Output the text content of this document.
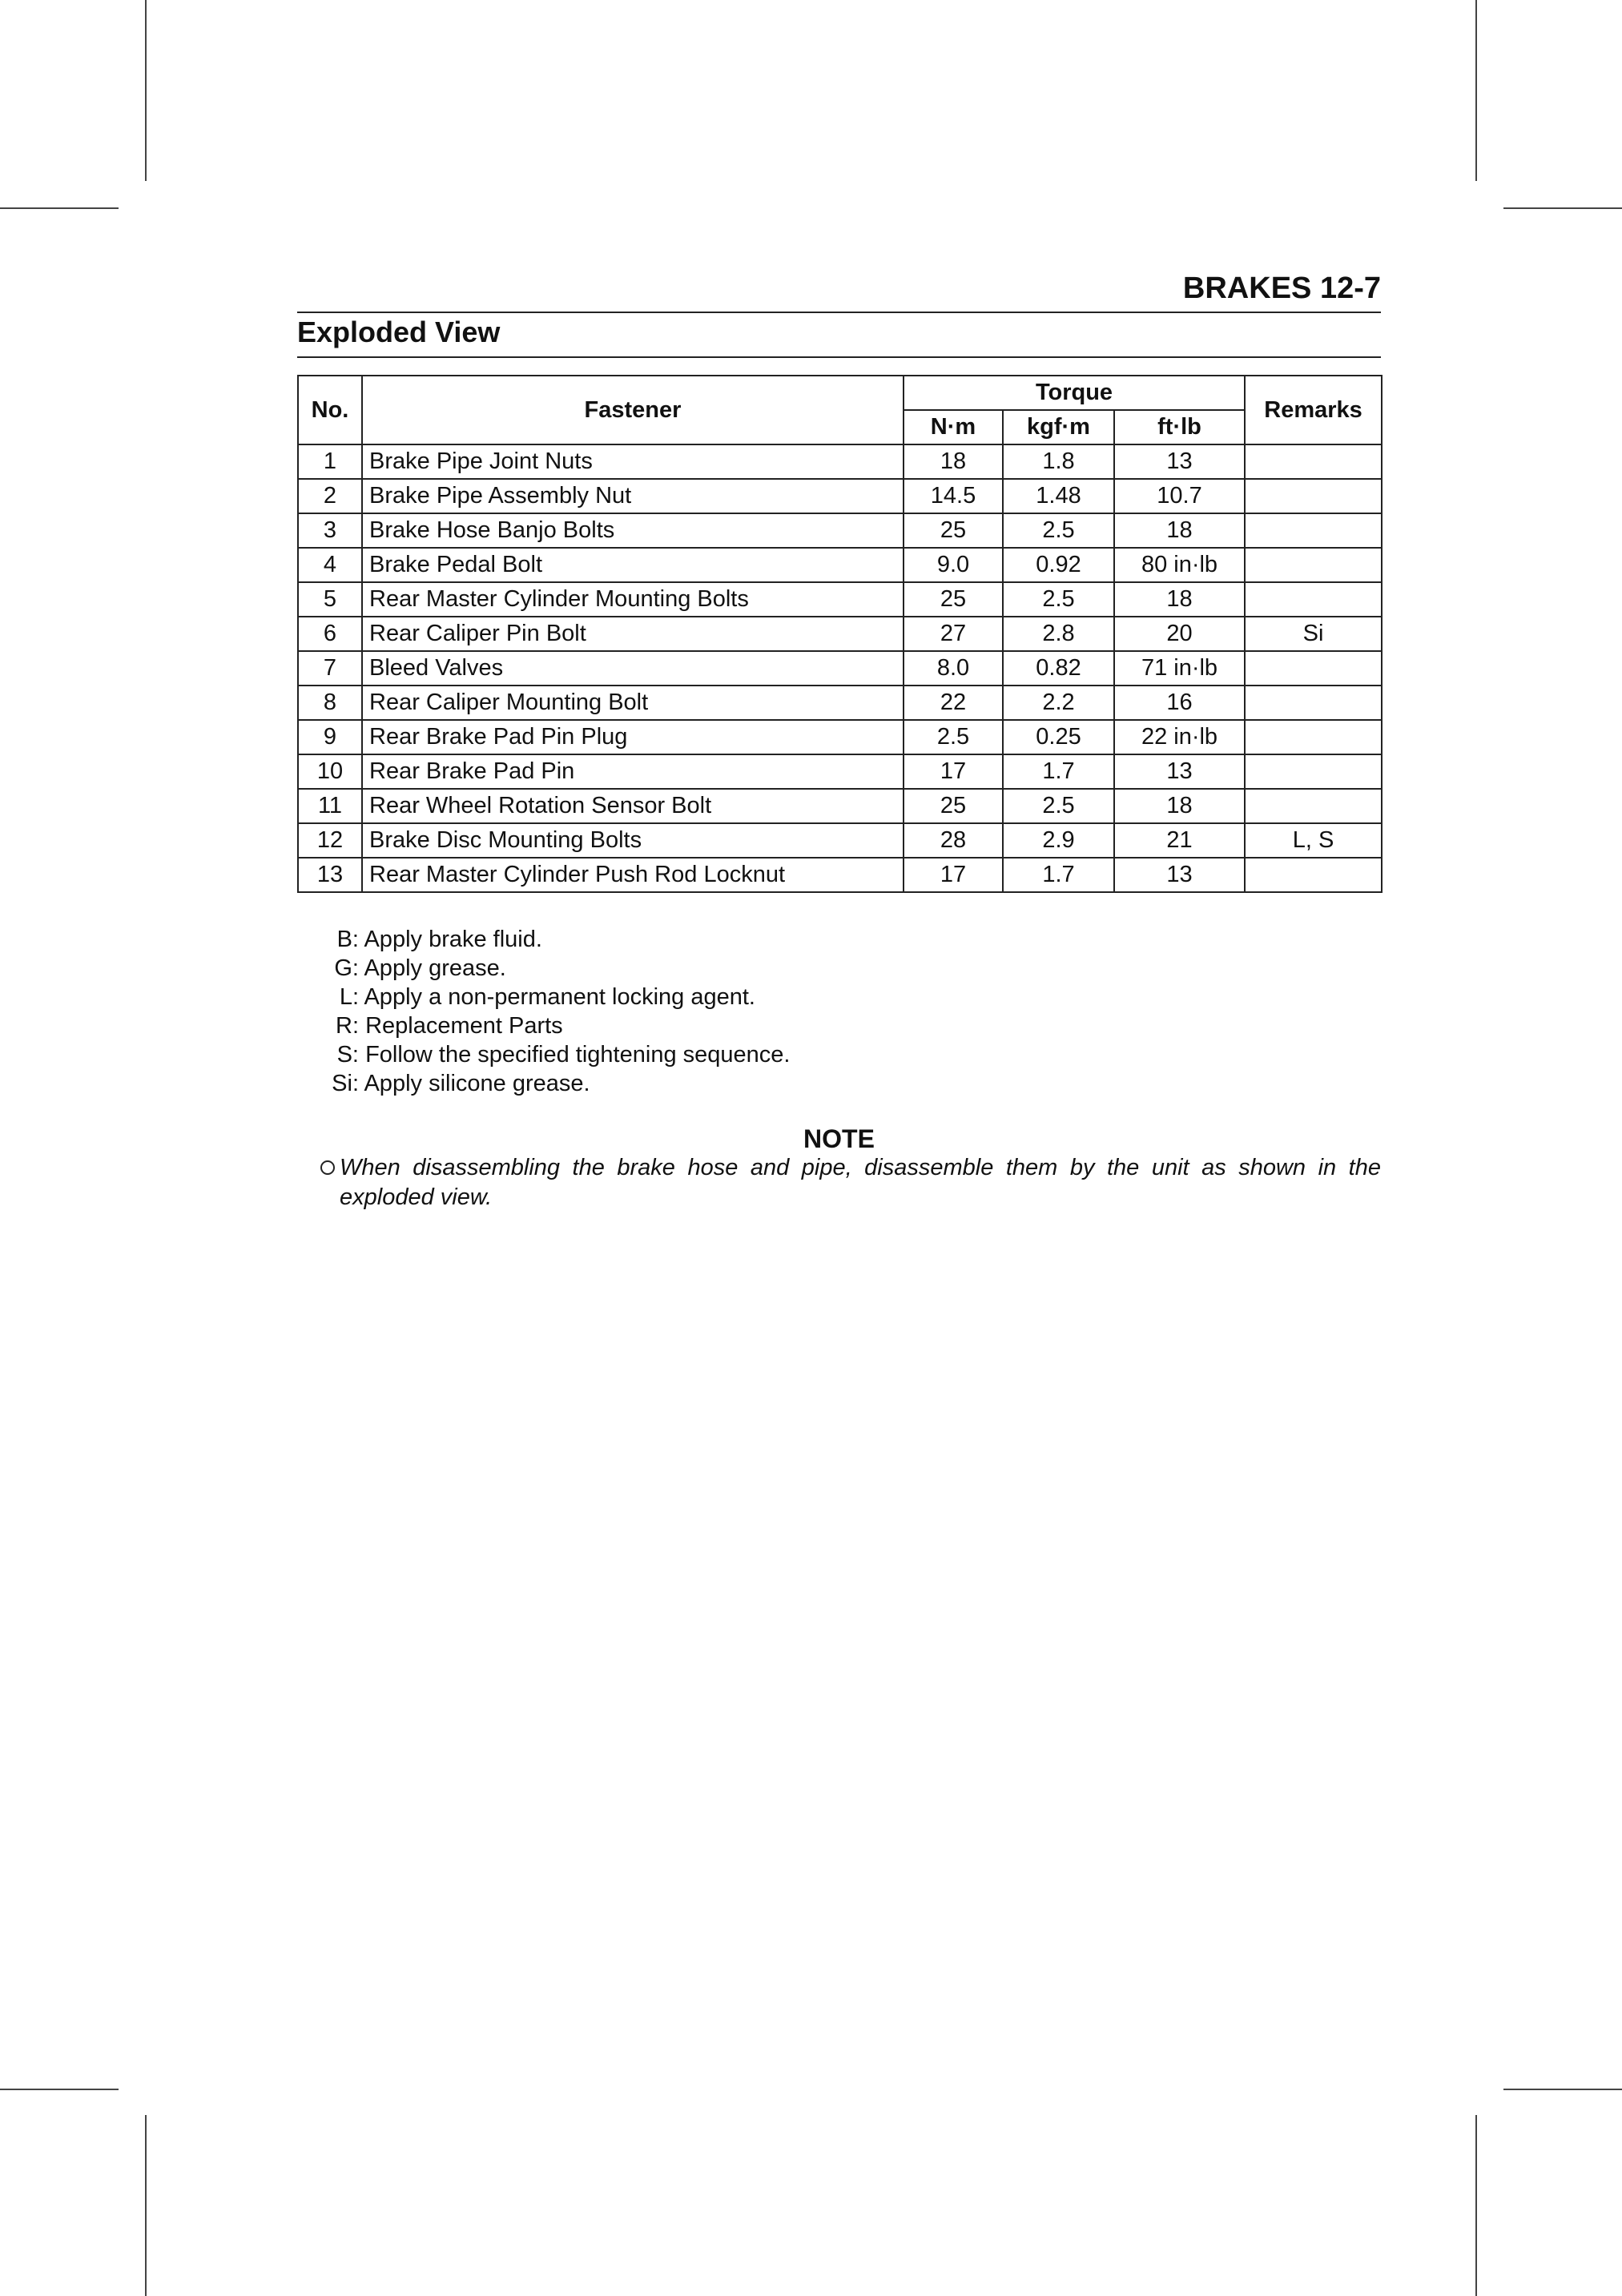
BRAKES 12-7
Exploded View
No.	Fastener	Torque			Remarks
		N·m	kgf·m	ft·lb	
1	Brake Pipe Joint Nuts	18	1.8	13	
2	Brake Pipe Assembly Nut	14.5	1.48	10.7	
3	Brake Hose Banjo Bolts	25	2.5	18	
4	Brake Pedal Bolt	9.0	0.92	80 in·lb	
5	Rear Master Cylinder Mounting Bolts	25	2.5	18	
6	Rear Caliper Pin Bolt	27	2.8	20	Si
7	Bleed Valves	8.0	0.82	71 in·lb	
8	Rear Caliper Mounting Bolt	22	2.2	16	
9	Rear Brake Pad Pin Plug	2.5	0.25	22 in·lb	
10	Rear Brake Pad Pin	17	1.7	13	
11	Rear Wheel Rotation Sensor Bolt	25	2.5	18	
12	Brake Disc Mounting Bolts	28	2.9	21	L, S
13	Rear Master Cylinder Push Rod Locknut	17	1.7	13	
B: Apply brake fluid.
G: Apply grease.
L: Apply a non-permanent locking agent.
R: Replacement Parts
S: Follow the specified tightening sequence.
Si: Apply silicone grease.
NOTE

When disassembling the brake hose and pipe, disassemble them by the unit as shown in the exploded view.
